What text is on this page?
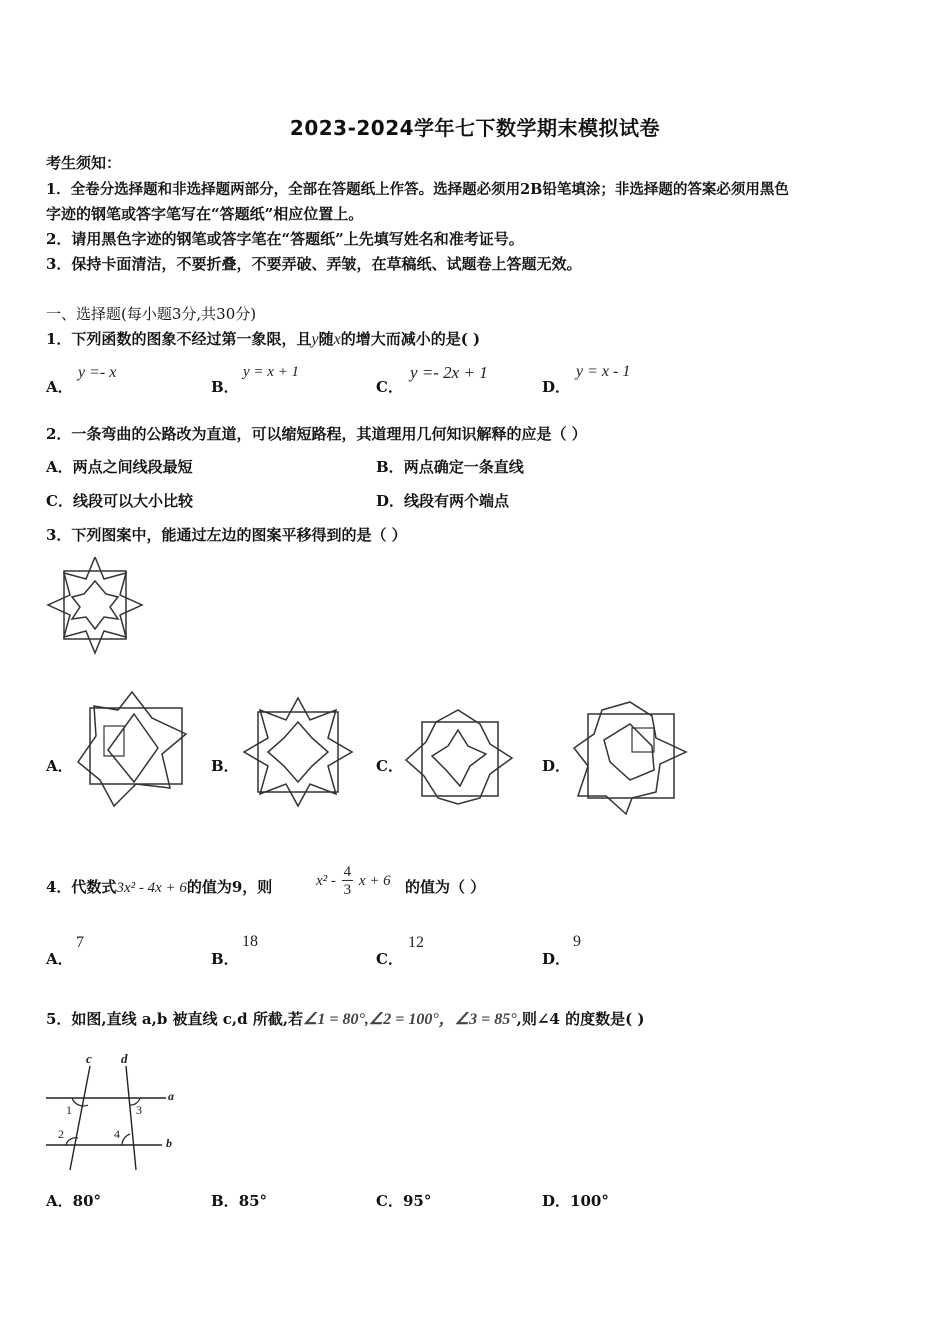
2023-2024学年七下数学期末模拟试卷
考生须知：
1．全卷分选择题和非选择题两部分，全部在答题纸上作答。选择题必须用2B铅笔填涂；非选择题的答案必须用黑色
字迹的钢笔或答字笔写在“答题纸”相应位置上。
2．请用黑色字迹的钢笔或答字笔在“答题纸”上先填写姓名和准考证号。
3．保持卡面清洁，不要折叠，不要弄破、弄皱，在草稿纸、试题卷上答题无效。
一、选择题(每小题3分,共30分)
1．下列函数的图象不经过第一象限，且y随x的增大而减小的是( )
A．
y =- x
B．
y = x + 1
C．
y =- 2x + 1
D．
y = x - 1
2．一条弯曲的公路改为直道，可以缩短路程，其道理用几何知识解释的应是（ ）
A．两点之间线段最短	B．两点确定一条直线
C．线段可以大小比较	D．线段有两个端点
3．下列图案中，能通过左边的图案平移得到的是（ ）
A．	B．	C．	D．
4．代数式3x² - 4x + 6的值为9，则	$x^2 - \frac{4}{3}$ x + 6 的值为（ ）
A．
7
B．
18
C．
12
D．
9
5．如图,直线 a,b 被直线 c,d 所截,若∠1 = 80°,∠2 = 100°，∠3 = 85°,则∠4 的度数是( )
c d
a
b
1	3
2	4
A．80°	B．85°	C．95°	D．100°
